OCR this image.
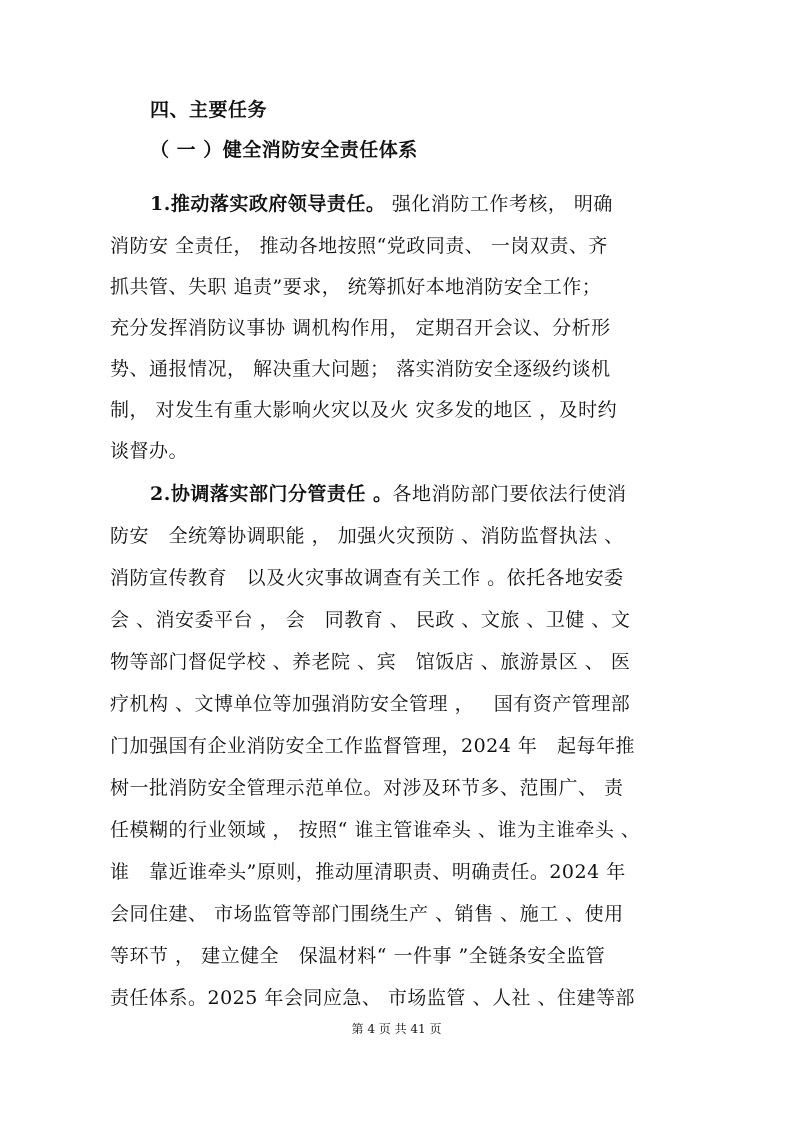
四、主要任务
（ 一 ）健全消防安全责任体系
1.推动落实政府领导责任。 强化消防工作考核， 明确
消防安 全责任， 推动各地按照“党政同责、 一岗双责、齐
抓共管、失职 追责”要求， 统筹抓好本地消防安全工作；
充分发挥消防议事协 调机构作用， 定期召开会议、分析形
势、通报情况， 解决重大问题； 落实消防安全逐级约谈机
制， 对发生有重大影响火灾以及火 灾多发的地区 ，及时约
谈督办。
2.协调落实部门分管责任 。各地消防部门要依法行使消
防安   全统筹协调职能 ， 加强火灾预防 、消防监督执法 、
消防宣传教育   以及火灾事故调查有关工作 。依托各地安委
会 、消安委平台 ， 会   同教育 、 民政 、文旅 、卫健 、文
物等部门督促学校 、养老院 、宾   馆饭店 、旅游景区 、 医
疗机构 、文博单位等加强消防安全管理 ，   国有资产管理部
门加强国有企业消防安全工作监督管理，2024 年   起每年推
树一批消防安全管理示范单位。对涉及环节多、范围广、 责
任模糊的行业领域 ， 按照“ 谁主管谁牵头 、谁为主谁牵头 、
谁   靠近谁牵头”原则，推动厘清职责、明确责任。2024 年
会同住建、 市场监管等部门围绕生产 、销售 、施工 、使用
等环节 ， 建立健全   保温材料“ 一件事 ”全链条安全监管
责任体系。2025 年会同应急、 市场监管 、人社 、住建等部
第 4 页 共 41 页
